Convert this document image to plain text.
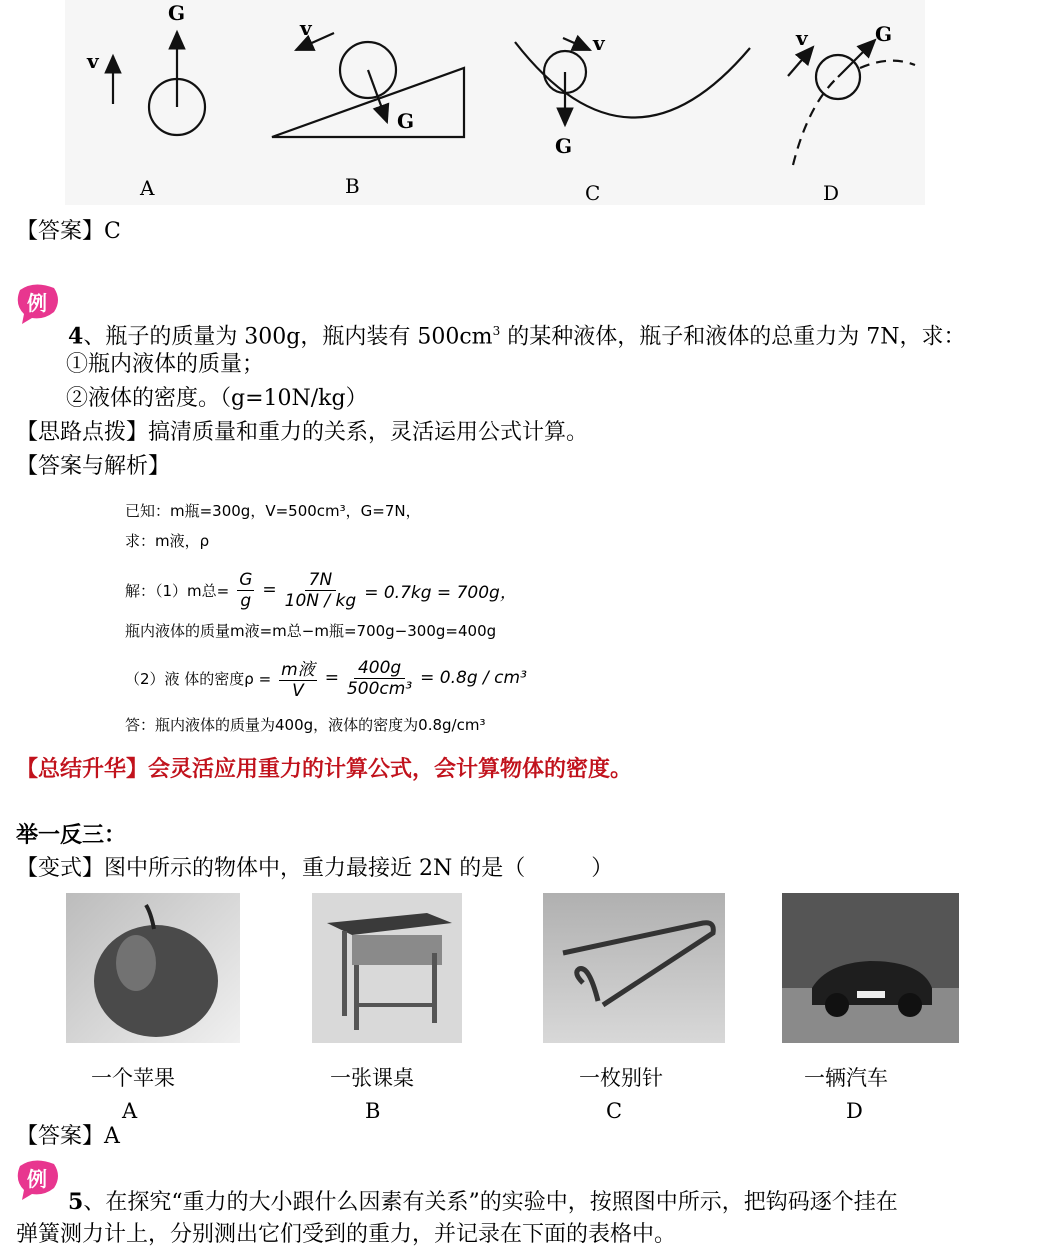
G
v
A
v
G
B
v
G
C
v	G
D
【答案】C
例
4、瓶子的质量为 300g，瓶内装有 $500cm^3$ 的某种液体，瓶子和液体的总重力为 7N，求：
①瓶内液体的质量；
②液体的密度。（g=10N/kg）
【思路点拨】搞清质量和重力的关系，灵活运用公式计算。
【答案与解析】
已知：m瓶=300g，V=500cm³，G=7N，
求：m液，ρ
解：（1）m总= $\frac{G}{g} = \frac{7N}{10N / kg} = 0.7kg = 700g$，
瓶内液体的质量m液=m总−m瓶=700g−300g=400g
（2）液 体的密度ρ = m液
V
= $\frac{400g}{\text{500cm³}} = 0.8g / cm^3$
答：瓶内液体的质量为400g，液体的密度为0.8g/cm³
【总结升华】会灵活应用重力的计算公式，会计算物体的密度。
举一反三：
【变式】图中所示的物体中，重力最接近 2N 的是（　　　）
一个苹果	一张课桌	一枚别针	一辆汽车
A	B	C	D
【答案】A
例
5、在探究“重力的大小跟什么因素有关系”的实验中，按照图中所示，把钩码逐个挂在
弹簧测力计上，分别测出它们受到的重力，并记录在下面的表格中。
